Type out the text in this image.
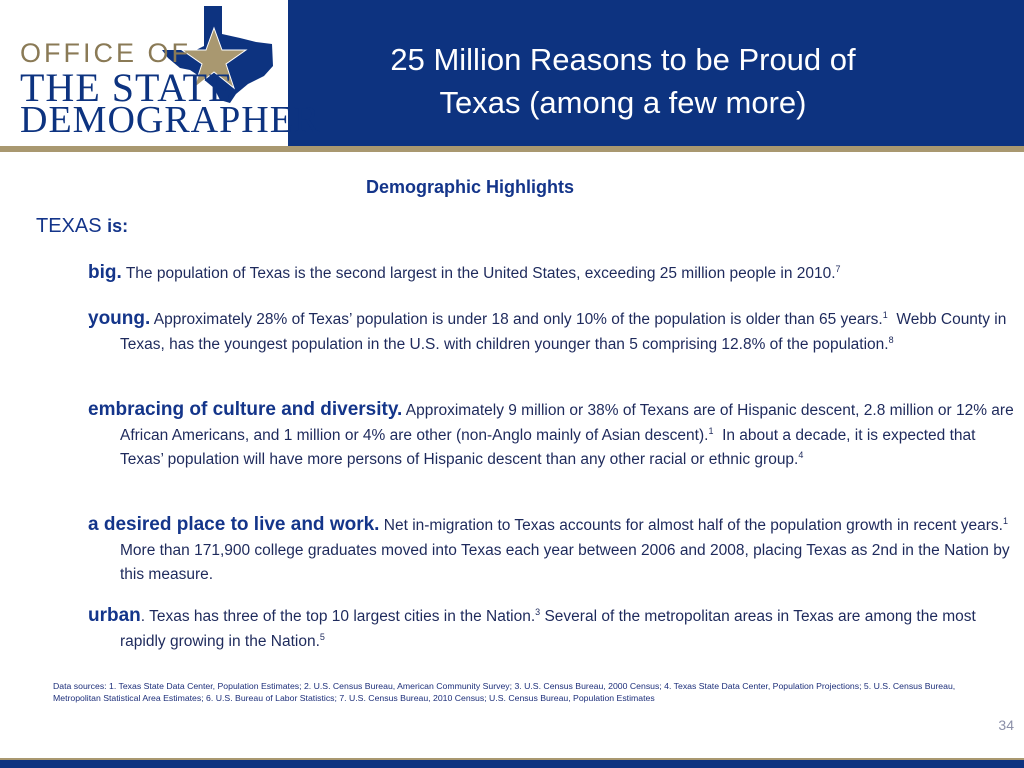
OFFICE OF
THE STATE
DEMOGRAPHER
25 Million Reasons to be Proud of
Texas (among a few more)
Demographic Highlights
TEXAS is:
big. The population of Texas is the second largest in the United States, exceeding 25 million people in 2010.$^7$
young. Approximately 28% of Texas’ population is under 18 and only 10% of the population is older than 65 years.$^1$ Webb County in Texas, has the youngest population in the U.S. with children younger than 5 comprising 12.8% of the population.$^8$
embracing of culture and diversity. Approximately 9 million or 38% of Texans are of Hispanic descent, 2.8 million or 12% are African Americans, and 1 million or 4% are other (non-Anglo mainly of Asian descent).$^1$ In about a decade, it is expected that Texas’ population will have more persons of Hispanic descent than any other racial or ethnic group.$^4$
a desired place to live and work. Net in-migration to Texas accounts for almost half of the population growth in recent years.$^1$ More than 171,900 college graduates moved into Texas each year between 2006 and 2008, placing Texas as 2nd in the Nation by this measure.
urban. Texas has three of the top 10 largest cities in the Nation.$^3$ Several of the metropolitan areas in Texas are among the most rapidly growing in the Nation.$^5$
Data sources: 1. Texas State Data Center, Population Estimates; 2. U.S. Census Bureau, American Community Survey; 3. U.S. Census Bureau, 2000 Census; 4. Texas State Data Center, Population Projections; 5. U.S. Census Bureau, Metropolitan Statistical Area Estimates; 6. U.S. Bureau of Labor Statistics; 7. U.S. Census Bureau, 2010 Census; U.S. Census Bureau, Population Estimates
34
